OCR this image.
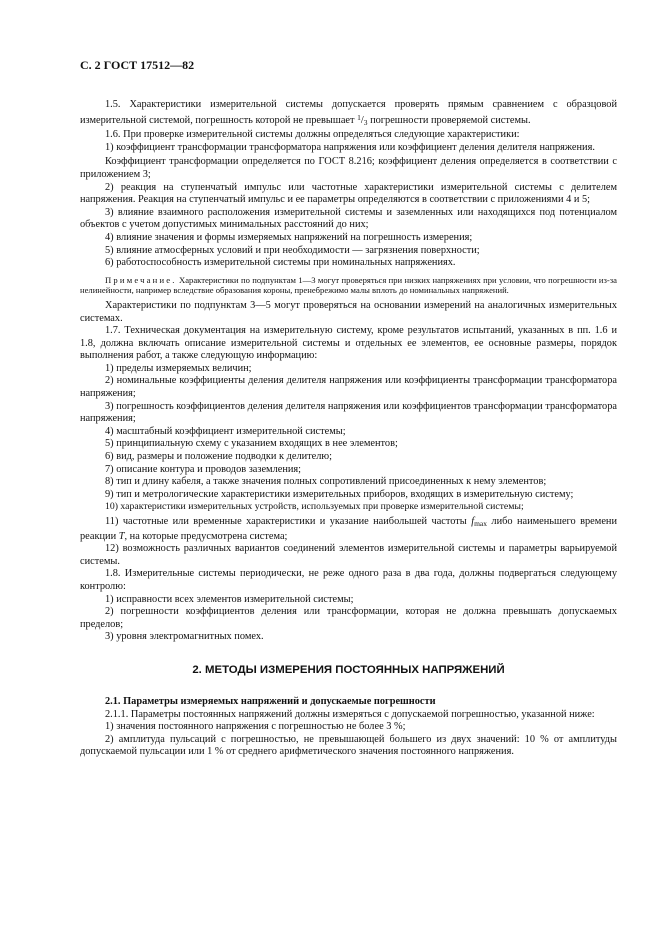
С. 2 ГОСТ 17512—82

1.5. Характеристики измерительной системы допускается проверять прямым сравнением с образцовой измерительной системой, погрешность которой не превышает $^1/_3$ погрешности проверяемой системы.

1.6. При проверке измерительной системы должны определяться следующие характеристики:

1) коэффициент трансформации трансформатора напряжения или коэффициент деления делителя напряжения.

Коэффициент трансформации определяется по ГОСТ 8.216; коэффициент деления определяется в соответствии с приложением 3;

2) реакция на ступенчатый импульс или частотные характеристики измерительной системы с делителем напряжения. Реакция на ступенчатый импульс и ее параметры определяются в соответствии с приложениями 4 и 5;

3) влияние взаимного расположения измерительной системы и заземленных или находящихся под потенциалом объектов с учетом допустимых минимальных расстояний до них;

4) влияние значения и формы измеряемых напряжений на погрешность измерения;

5) влияние атмосферных условий и при необходимости — загрязнения поверхности;

6) работоспособность измерительной системы при номинальных напряжениях.

Примечание. Характеристики по подпунктам 1—3 могут проверяться при низких напряжениях при условии, что погрешности из-за нелинейности, например вследствие образования короны, пренебрежимо малы вплоть до номинальных напряжений.

Характеристики по подпунктам 3—5 могут проверяться на основании измерений на аналогичных измерительных системах.

1.7. Техническая документация на измерительную систему, кроме результатов испытаний, указанных в пп. 1.6 и 1.8, должна включать описание измерительной системы и отдельных ее элементов, ее основные размеры, порядок выполнения работ, а также следующую информацию:

1) пределы измеряемых величин;

2) номинальные коэффициенты деления делителя напряжения или коэффициенты трансформации трансформатора напряжения;

3) погрешность коэффициентов деления делителя напряжения или коэффициентов трансформации трансформатора напряжения;

4) масштабный коэффициент измерительной системы;

5) принципиальную схему с указанием входящих в нее элементов;

6) вид, размеры и положение подводки к делителю;

7) описание контура и проводов заземления;

8) тип и длину кабеля, а также значения полных сопротивлений присоединенных к нему элементов;

9) тип и метрологические характеристики измерительных приборов, входящих в измерительную систему;

10) характеристики измерительных устройств, используемых при проверке измерительной системы;

11) частотные или временные характеристики и указание наибольшей частоты fmax либо наименьшего времени реакции T, на которые предусмотрена система;

12) возможность различных вариантов соединений элементов измерительной системы и параметры варьируемой системы.

1.8. Измерительные системы периодически, не реже одного раза в два года, должны подвергаться следующему контролю:

1) исправности всех элементов измерительной системы;

2) погрешности коэффициентов деления или трансформации, которая не должна превышать допускаемых пределов;

3) уровня электромагнитных помех.

2. МЕТОДЫ ИЗМЕРЕНИЯ ПОСТОЯННЫХ НАПРЯЖЕНИЙ

2.1. Параметры измеряемых напряжений и допускаемые погрешности

2.1.1. Параметры постоянных напряжений должны измеряться с допускаемой погрешностью, указанной ниже:

1) значения постоянного напряжения с погрешностью не более 3 %;

2) амплитуда пульсаций с погрешностью, не превышающей большего из двух значений: 10 % от амплитуды допускаемой пульсации или 1 % от среднего арифметического значения постоянного напряжения.
